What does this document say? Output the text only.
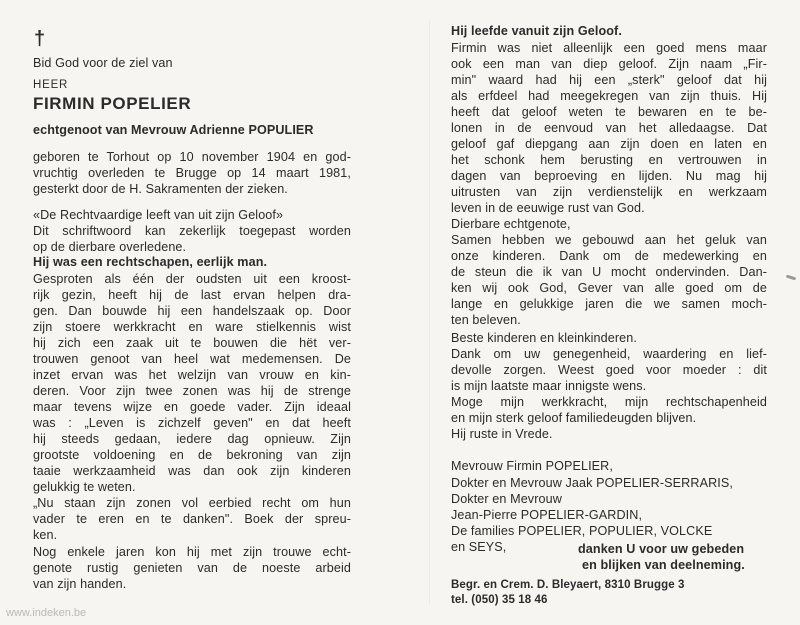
†
Bid God voor de ziel van
HEER
FIRMIN POPELIER
echtgenoot van Mevrouw Adrienne POPULIER
geboren te Torhout op 10 november 1904 en god-
vruchtig overleden te Brugge op 14 maart 1981,
gesterkt door de H. Sakramenten der zieken.
«De Rechtvaardige leeft van uit zijn Geloof»
Dit schriftwoord kan zekerlijk toegepast worden
op de dierbare overledene.
Hij was een rechtschapen, eerlijk man.
Gesproten als één der oudsten uit een kroost-
rijk gezin, heeft hij de last ervan helpen dra-
gen. Dan bouwde hij een handelszaak op. Door
zijn stoere werkkracht en ware stielkennis wist
hij zich een zaak uit te bouwen die hët ver-
trouwen genoot van heel wat medemensen. De
inzet ervan was het welzijn van vrouw en kin-
deren. Voor zijn twee zonen was hij de strenge
maar tevens wijze en goede vader. Zijn ideaal
was : „Leven is zichzelf geven" en dat heeft
hij steeds gedaan, iedere dag opnieuw. Zijn
grootste voldoening en de bekroning van zijn
taaie werkzaamheid was dan ook zijn kinderen
gelukkig te weten.
„Nu staan zijn zonen vol eerbied recht om hun
vader te eren en te danken". Boek der spreu-
ken.
Nog enkele jaren kon hij met zijn trouwe echt-
genote rustig genieten van de noeste arbeid
van zijn handen.
Hij leefde vanuit zijn Geloof.
Firmin was niet alleenlijk een goed mens maar
ook een man van diep geloof. Zijn naam „Fir-
min" waard had hij een „sterk" geloof dat hij
als erfdeel had meegekregen van zijn thuis. Hij
heeft dat geloof weten te bewaren en te be-
lonen in de eenvoud van het alledaagse. Dat
geloof gaf diepgang aan zijn doen en laten en
het schonk hem berusting en vertrouwen in
dagen van beproeving en lijden. Nu mag hij
uitrusten van zijn verdienstelijk en werkzaam
leven in de eeuwige rust van God.
Dierbare echtgenote,
Samen hebben we gebouwd aan het geluk van
onze kinderen. Dank om de medewerking en
de steun die ik van U mocht ondervinden. Dan-
ken wij ook God, Gever van alle goed om de
lange en gelukkige jaren die we samen moch-
ten beleven.
Beste kinderen en kleinkinderen.
Dank om uw genegenheid, waardering en lief-
devolle zorgen. Weest goed voor moeder : dit
is mijn laatste maar innigste wens.
Moge mijn werkkracht, mijn rechtschapenheid
en mijn sterk geloof familiedeugden blijven.
Hij ruste in Vrede.
Mevrouw Firmin POPELIER,
Dokter en Mevrouw Jaak POPELIER-SERRARIS,
Dokter en Mevrouw
Jean-Pierre POPELIER-GARDIN,
De families POPELIER, POPULIER, VOLCKE
en SEYS,	danken U voor uw gebeden
en blijken van deelneming.
Begr. en Crem. D. Bleyaert, 8310 Brugge 3
tel. (050) 35 18 46
www.indeken.be
